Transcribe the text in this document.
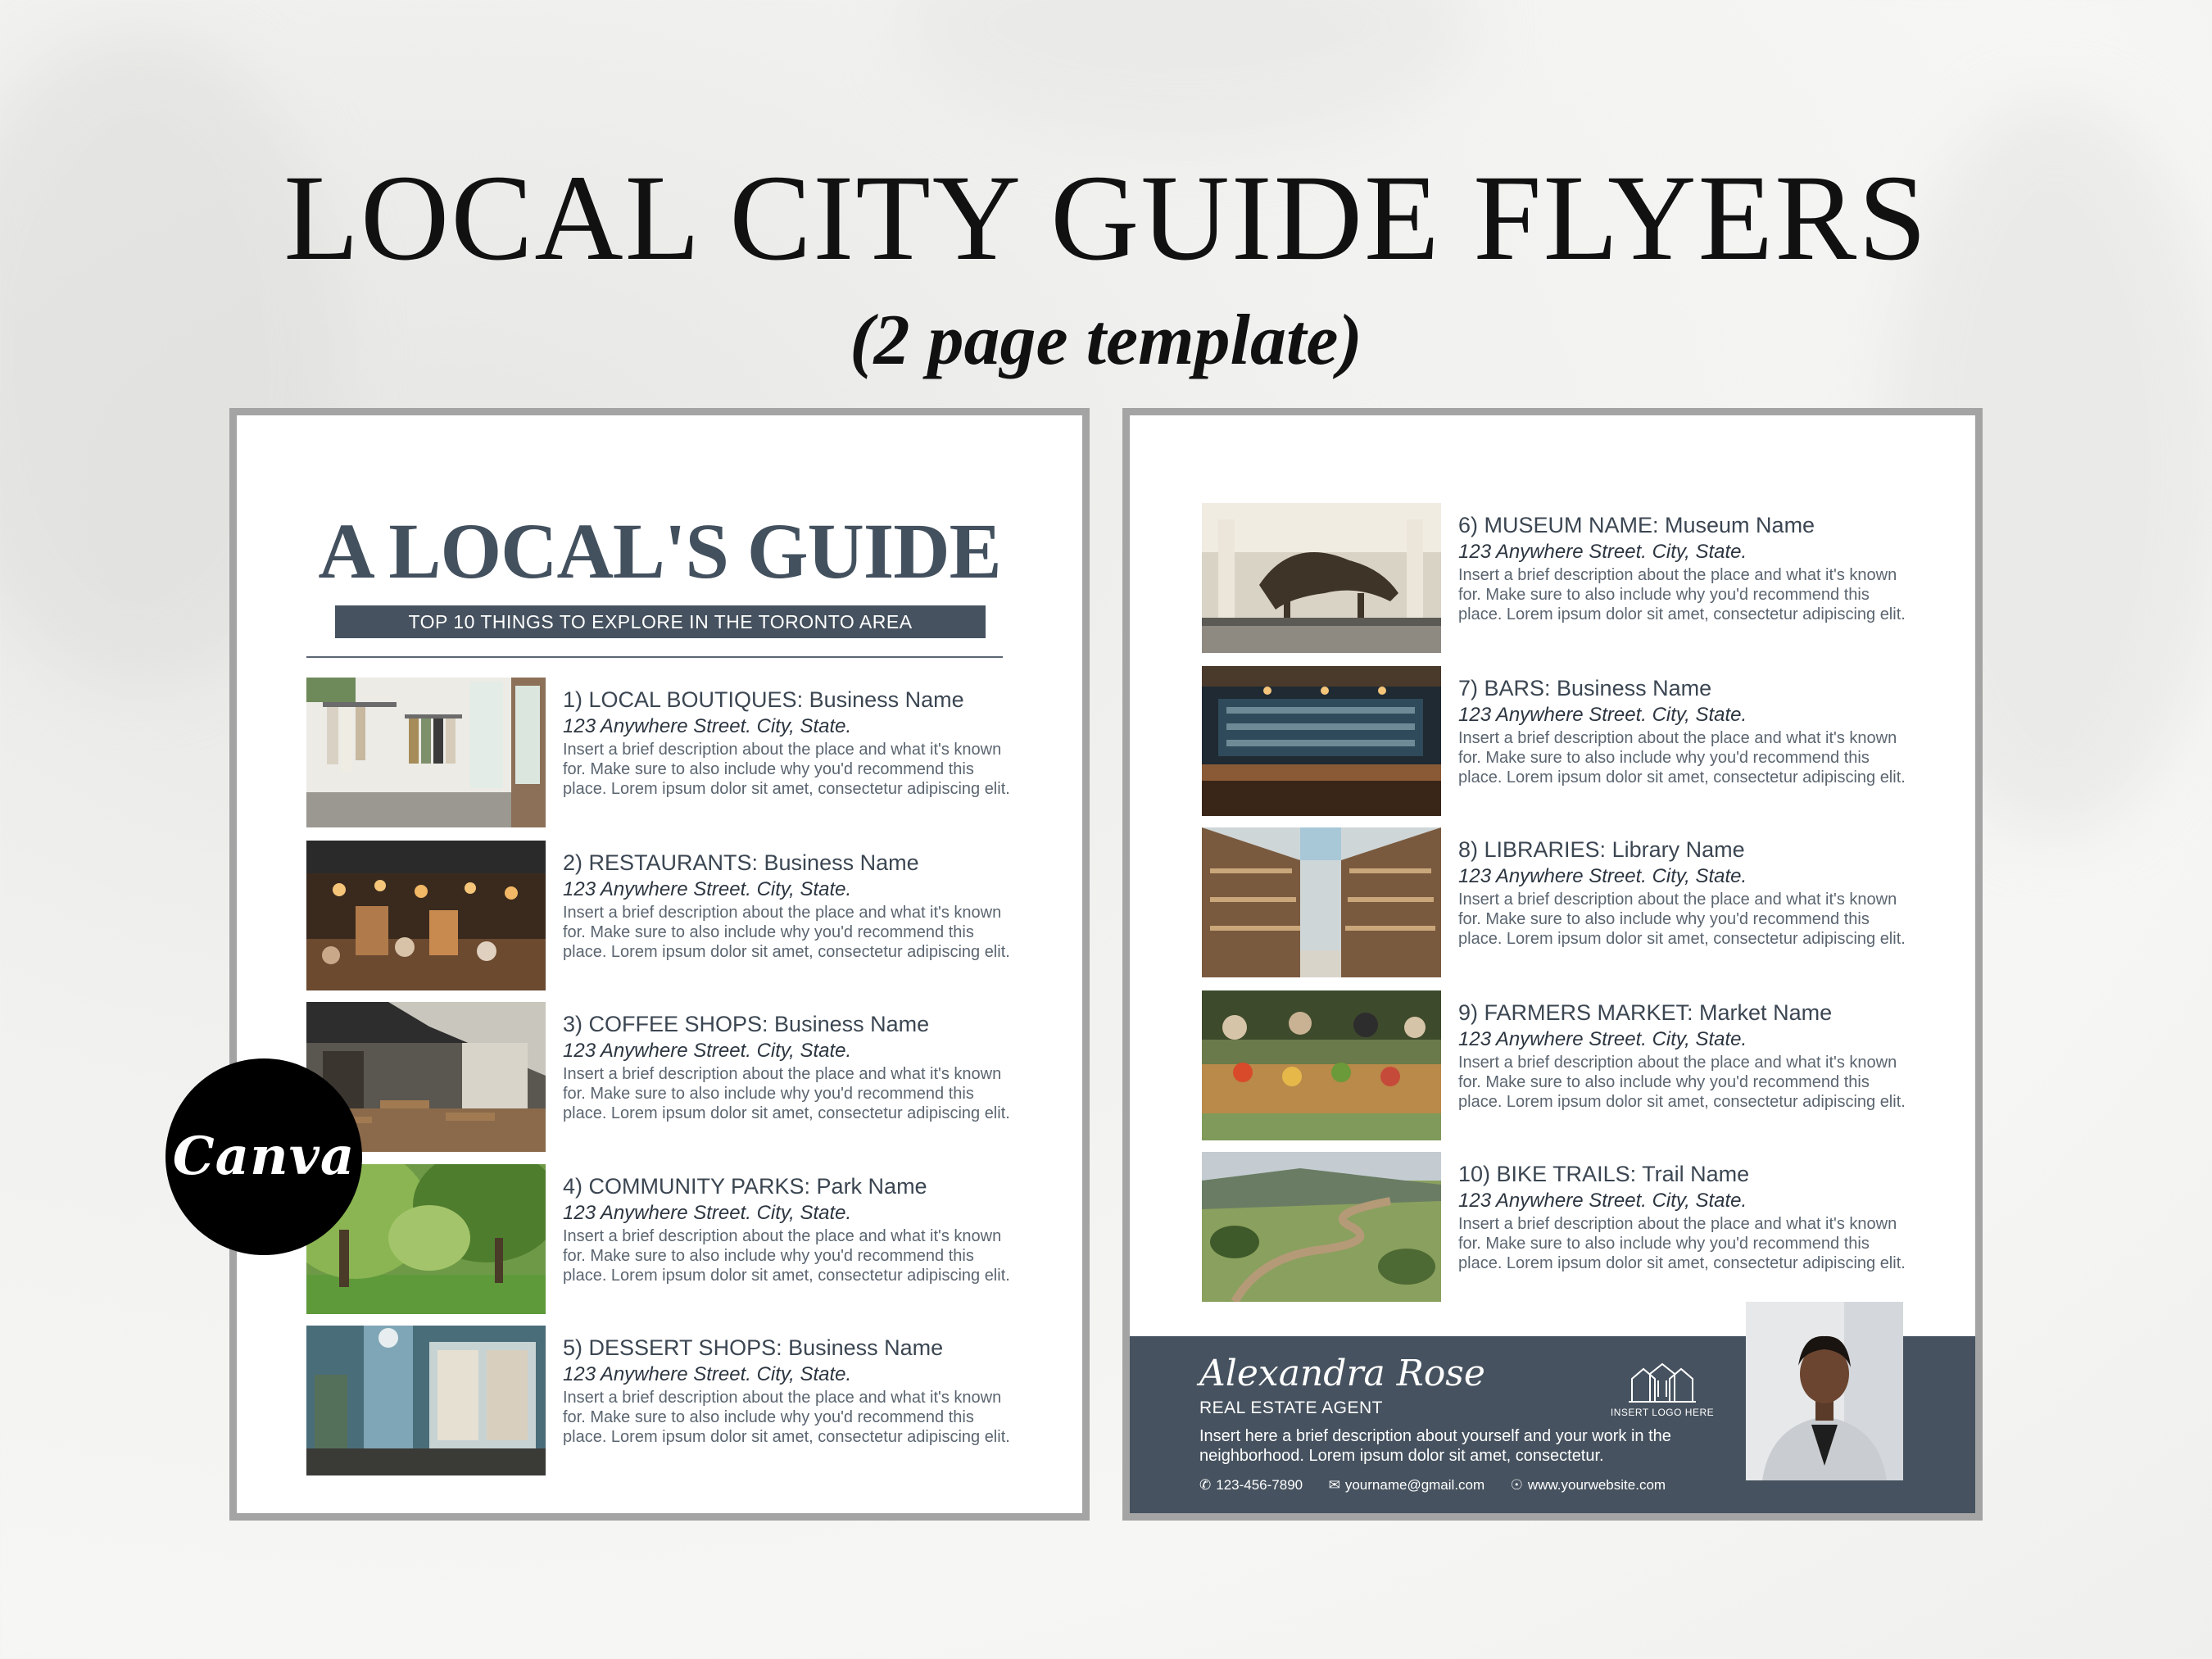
LOCAL CITY GUIDE FLYERS
(2 page template)
A LOCAL'S GUIDE
TOP 10 THINGS TO EXPLORE IN THE TORONTO AREA
1) LOCAL BOUTIQUES: Business Name
123 Anywhere Street. City, State.
Insert a brief description about the place and what it's known for. Make sure to also include why you'd recommend this place. Lorem ipsum dolor sit amet, consectetur adipiscing elit.
2) RESTAURANTS: Business Name
123 Anywhere Street. City, State.
Insert a brief description about the place and what it's known for. Make sure to also include why you'd recommend this place. Lorem ipsum dolor sit amet, consectetur adipiscing elit.
3) COFFEE SHOPS: Business Name
123 Anywhere Street. City, State.
Insert a brief description about the place and what it's known for. Make sure to also include why you'd recommend this place. Lorem ipsum dolor sit amet, consectetur adipiscing elit.
4) COMMUNITY PARKS: Park Name
123 Anywhere Street. City, State.
Insert a brief description about the place and what it's known for. Make sure to also include why you'd recommend this place. Lorem ipsum dolor sit amet, consectetur adipiscing elit.
5) DESSERT SHOPS: Business Name
123 Anywhere Street. City, State.
Insert a brief description about the place and what it's known for. Make sure to also include why you'd recommend this place. Lorem ipsum dolor sit amet, consectetur adipiscing elit.
6) MUSEUM NAME: Museum Name
123 Anywhere Street. City, State.
Insert a brief description about the place and what it's known for. Make sure to also include why you'd recommend this place. Lorem ipsum dolor sit amet, consectetur adipiscing elit.
7) BARS: Business Name
123 Anywhere Street. City, State.
Insert a brief description about the place and what it's known for. Make sure to also include why you'd recommend this place. Lorem ipsum dolor sit amet, consectetur adipiscing elit.
8) LIBRARIES: Library Name
123 Anywhere Street. City, State.
Insert a brief description about the place and what it's known for. Make sure to also include why you'd recommend this place. Lorem ipsum dolor sit amet, consectetur adipiscing elit.
9) FARMERS MARKET: Market Name
123 Anywhere Street. City, State.
Insert a brief description about the place and what it's known for. Make sure to also include why you'd recommend this place. Lorem ipsum dolor sit amet, consectetur adipiscing elit.
10) BIKE TRAILS: Trail Name
123 Anywhere Street. City, State.
Insert a brief description about the place and what it's known for. Make sure to also include why you'd recommend this place. Lorem ipsum dolor sit amet, consectetur adipiscing elit.
Alexandra Rose
REAL ESTATE AGENT
Insert here a brief description about yourself and your work in the neighborhood. Lorem ipsum dolor sit amet, consectetur.
✆ 123-456-7890 ✉ yourname@gmail.com ☉ www.yourwebsite.com
INSERT LOGO HERE
Canva
